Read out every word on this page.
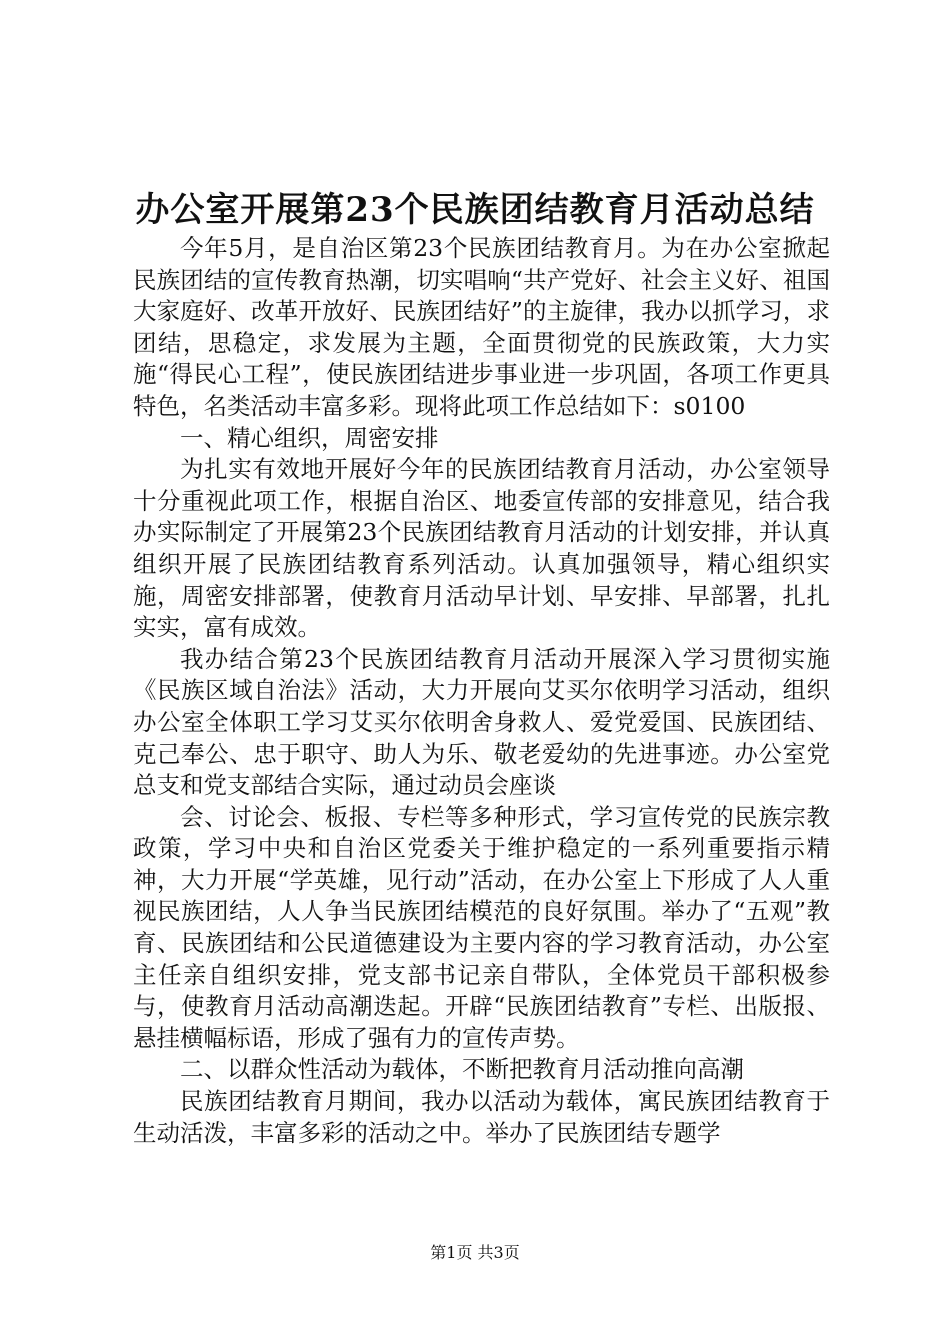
办公室开展第23个民族团结教育月活动总结

今年5月，是自治区第23个民族团结教育月。为在办公室掀起民族团结的宣传教育热潮，切实唱响“共产党好、社会主义好、祖国大家庭好、改革开放好、民族团结好”的主旋律，我办以抓学习，求团结，思稳定，求发展为主题，全面贯彻党的民族政策，大力实施“得民心工程”，使民族团结进步事业进一步巩固，各项工作更具特色，名类活动丰富多彩。现将此项工作总结如下：s0100

一、精心组织，周密安排

为扎实有效地开展好今年的民族团结教育月活动，办公室领导十分重视此项工作，根据自治区、地委宣传部的安排意见，结合我办实际制定了开展第23个民族团结教育月活动的计划安排，并认真组织开展了民族团结教育系列活动。认真加强领导，精心组织实施，周密安排部署，使教育月活动早计划、早安排、早部署，扎扎实实，富有成效。

我办结合第23个民族团结教育月活动开展深入学习贯彻实施《民族区域自治法》活动，大力开展向艾买尔依明学习活动，组织办公室全体职工学习艾买尔依明舍身救人、爱党爱国、民族团结、克己奉公、忠于职守、助人为乐、敬老爱幼的先进事迹。办公室党总支和党支部结合实际，通过动员会座谈

会、讨论会、板报、专栏等多种形式，学习宣传党的民族宗教政策，学习中央和自治区党委关于维护稳定的一系列重要指示精神，大力开展“学英雄，见行动”活动，在办公室上下形成了人人重视民族团结，人人争当民族团结模范的良好氛围。举办了“五观”教育、民族团结和公民道德建设为主要内容的学习教育活动，办公室主任亲自组织安排，党支部书记亲自带队，全体党员干部积极参与，使教育月活动高潮迭起。开辟“民族团结教育”专栏、出版报、悬挂横幅标语，形成了强有力的宣传声势。

二、以群众性活动为载体，不断把教育月活动推向高潮

民族团结教育月期间，我办以活动为载体，寓民族团结教育于生动活泼，丰富多彩的活动之中。举办了民族团结专题学

第1页 共3页
